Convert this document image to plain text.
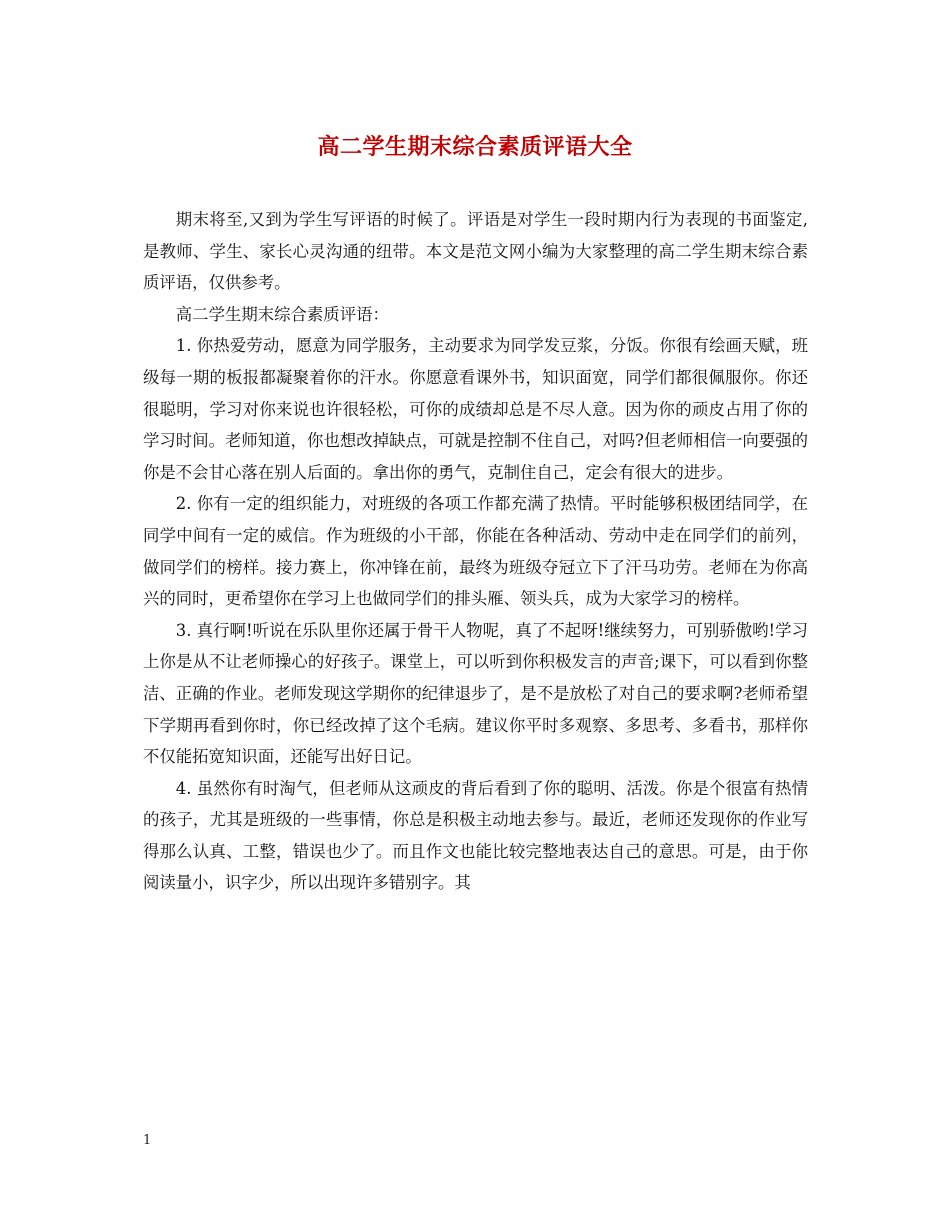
高二学生期末综合素质评语大全

期末将至,又到为学生写评语的时候了。评语是对学生一段时期内行为表现的书面鉴定,是教师、学生、家长心灵沟通的纽带。本文是范文网小编为大家整理的高二学生期末综合素质评语，仅供参考。

高二学生期末综合素质评语：

1. 你热爱劳动，愿意为同学服务，主动要求为同学发豆浆，分饭。你很有绘画天赋，班级每一期的板报都凝聚着你的汗水。你愿意看课外书，知识面宽，同学们都很佩服你。你还很聪明，学习对你来说也许很轻松，可你的成绩却总是不尽人意。因为你的顽皮占用了你的学习时间。老师知道，你也想改掉缺点，可就是控制不住自己，对吗?但老师相信一向要强的你是不会甘心落在别人后面的。拿出你的勇气，克制住自己，定会有很大的进步。

2. 你有一定的组织能力，对班级的各项工作都充满了热情。平时能够积极团结同学，在同学中间有一定的威信。作为班级的小干部，你能在各种活动、劳动中走在同学们的前列，做同学们的榜样。接力赛上，你冲锋在前，最终为班级夺冠立下了汗马功劳。老师在为你高兴的同时，更希望你在学习上也做同学们的排头雁、领头兵，成为大家学习的榜样。

3. 真行啊!听说在乐队里你还属于骨干人物呢，真了不起呀!继续努力，可别骄傲哟!学习上你是从不让老师操心的好孩子。课堂上，可以听到你积极发言的声音;课下，可以看到你整洁、正确的作业。老师发现这学期你的纪律退步了，是不是放松了对自己的要求啊?老师希望下学期再看到你时，你已经改掉了这个毛病。建议你平时多观察、多思考、多看书，那样你不仅能拓宽知识面，还能写出好日记。

4. 虽然你有时淘气，但老师从这顽皮的背后看到了你的聪明、活泼。你是个很富有热情的孩子，尤其是班级的一些事情，你总是积极主动地去参与。最近，老师还发现你的作业写得那么认真、工整，错误也少了。而且作文也能比较完整地表达自己的意思。可是，由于你阅读量小，识字少，所以出现许多错别字。其

1
